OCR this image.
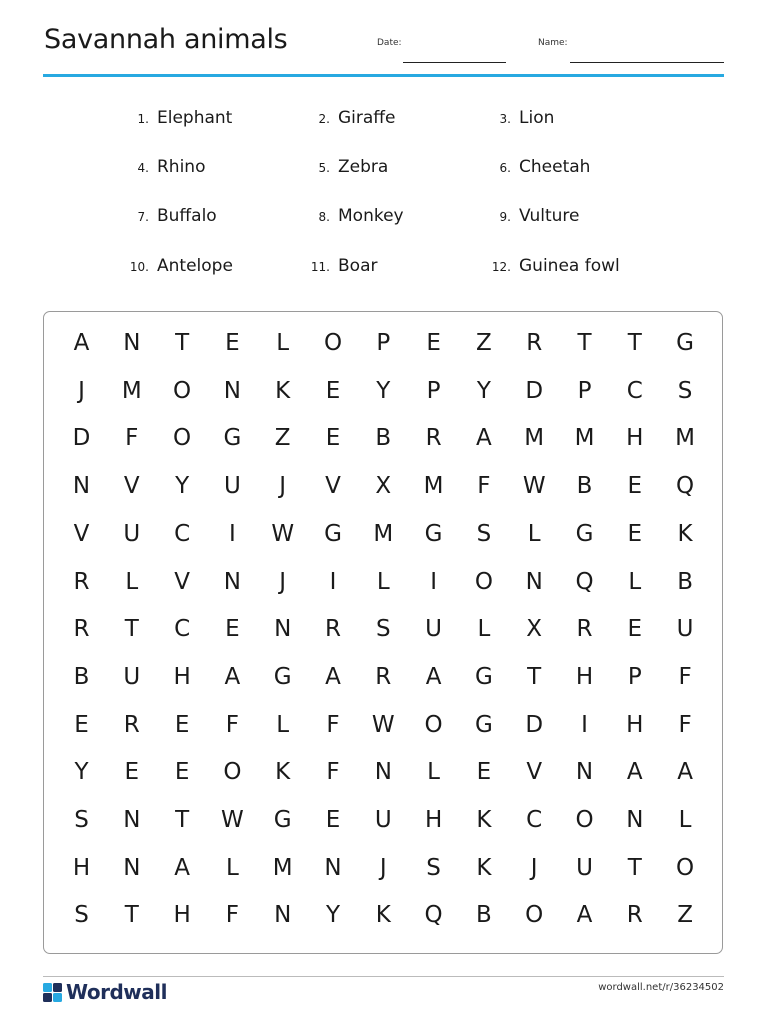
Savannah animals	Date:	Name:
1. Elephant	2. Giraffe	3. Lion
4. Rhino	5. Zebra	6. Cheetah
7. Buffalo	8. Monkey	9. Vulture
10. Antelope	11. Boar	12. Guinea fowl
A	N	T	E	L	O	P	E	Z	R	T	T	G
J	M	O	N	K	E	Y	P	Y	D	P	C	S
D	F	O	G	Z	E	B	R	A	M	M	H	M
N	V	Y	U	J	V	X	M	F	W	B	E	Q
V	U	C	I	W	G	M	G	S	L	G	E	K
R	L	V	N	J	I	L	I	O	N	Q	L	B
R	T	C	E	N	R	S	U	L	X	R	E	U
B	U	H	A	G	A	R	A	G	T	H	P	F
E	R	E	F	L	F	W	O	G	D	I	H	F
Y	E	E	O	K	F	N	L	E	V	N	A	A
S	N	T	W	G	E	U	H	K	C	O	N	L
H	N	A	L	M	N	J	S	K	J	U	T	O
S	T	H	F	N	Y	K	Q	B	O	A	R	Z
Wordwall	wordwall.net/r/36234502
